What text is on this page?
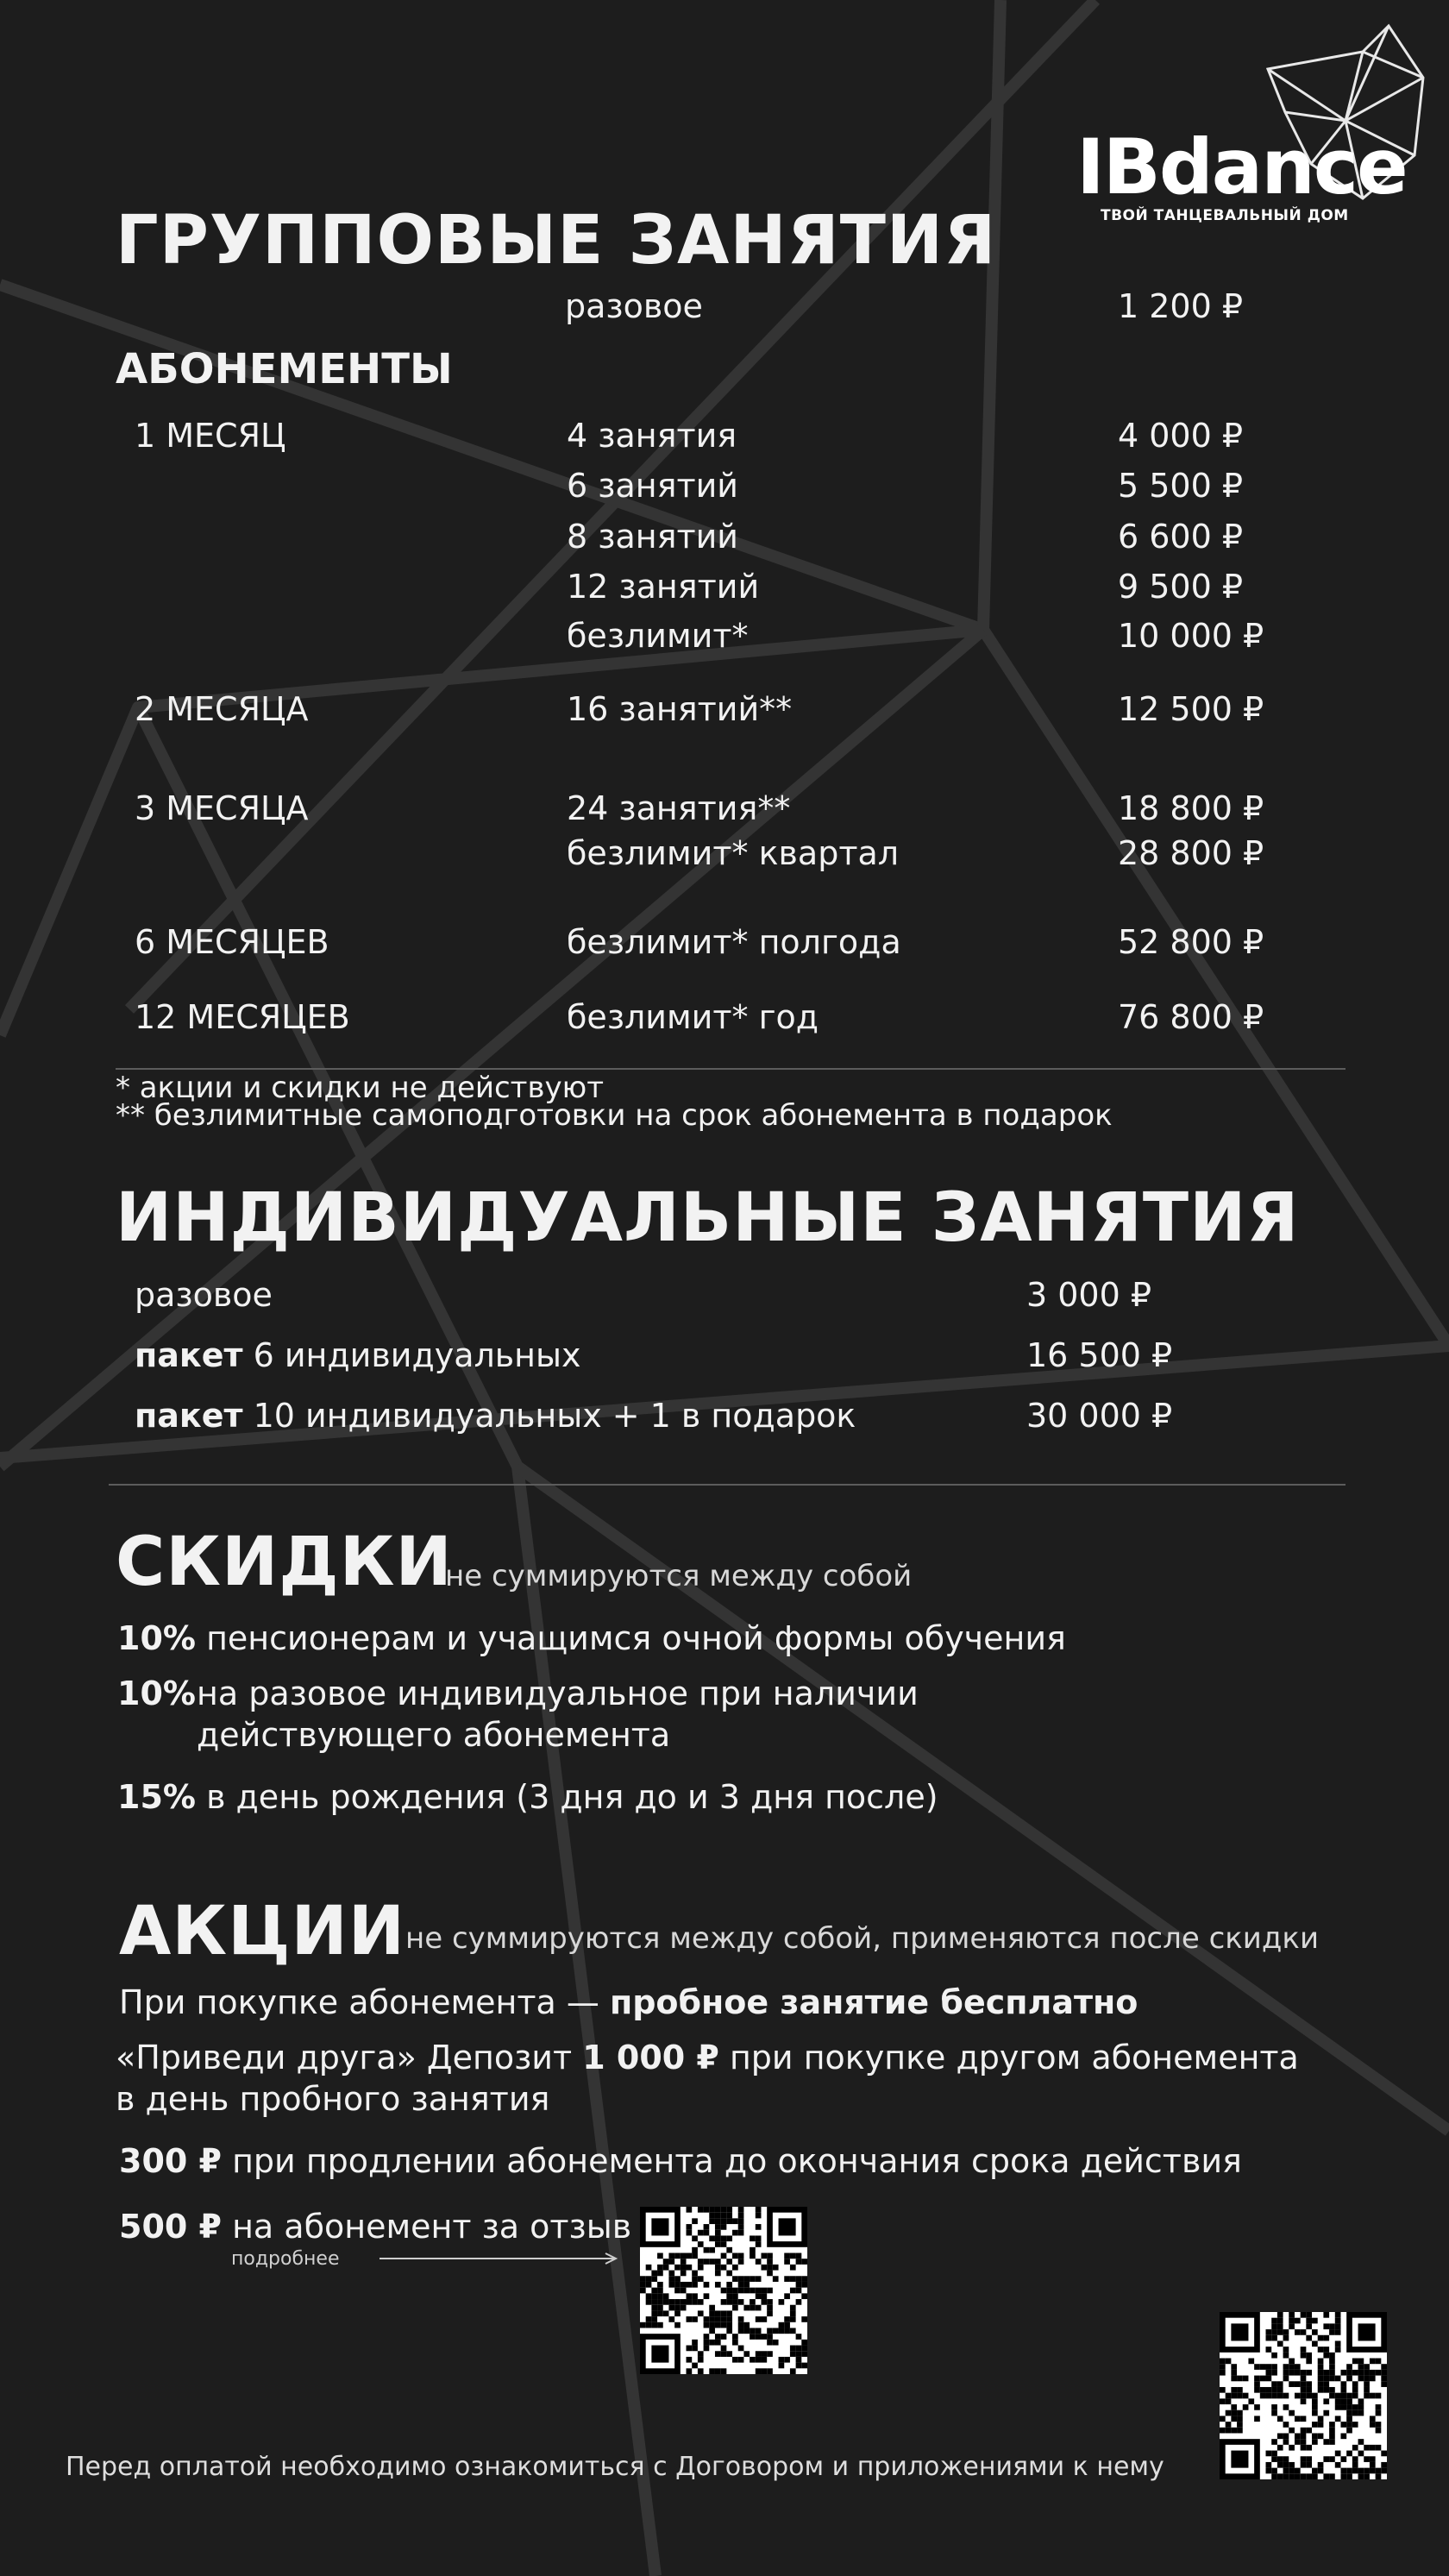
IBdance
ТВОЙ ТАНЦЕВАЛЬНЫЙ ДОМ
ГРУППОВЫЕ ЗАНЯТИЯ
разовое	1 200 ₽
АБОНЕМЕНТЫ
1 МЕСЯЦ	4 занятия	4 000 ₽
6 занятий	5 500 ₽
8 занятий	6 600 ₽
12 занятий	9 500 ₽
безлимит*	10 000 ₽
2 МЕСЯЦА	16 занятий**	12 500 ₽
3 МЕСЯЦА	24 занятия**	18 800 ₽
безлимит* квартал	28 800 ₽
6 МЕСЯЦЕВ	безлимит* полгода	52 800 ₽
12 МЕСЯЦЕВ	безлимит* год	76 800 ₽
* акции и скидки не действуют
** безлимитные самоподготовки на срок абонемента в подарок
ИНДИВИДУАЛЬНЫЕ ЗАНЯТИЯ
разовое	3 000 ₽
пакет 6 индивидуальных	16 500 ₽
пакет 10 индивидуальных + 1 в подарок	30 000 ₽
СКИДКИ
не суммируются между собой
10% пенсионерам и учащимся очной формы обучения
10% на разовое индивидуальное при наличии
действующего абонемента
15% в день рождения (3 дня до и 3 дня после)
АКЦИИ не суммируются между собой, применяются после скидки
При покупке абонемента — пробное занятие бесплатно
«Приведи друга» Депозит 1 000 ₽ при покупке другом абонемента
в день пробного занятия
300 ₽ при продлении абонемента до окончания срока действия
500 ₽ на абонемент за отзыв
подробнее
Перед оплатой необходимо ознакомиться с Договором и приложениями к нему
